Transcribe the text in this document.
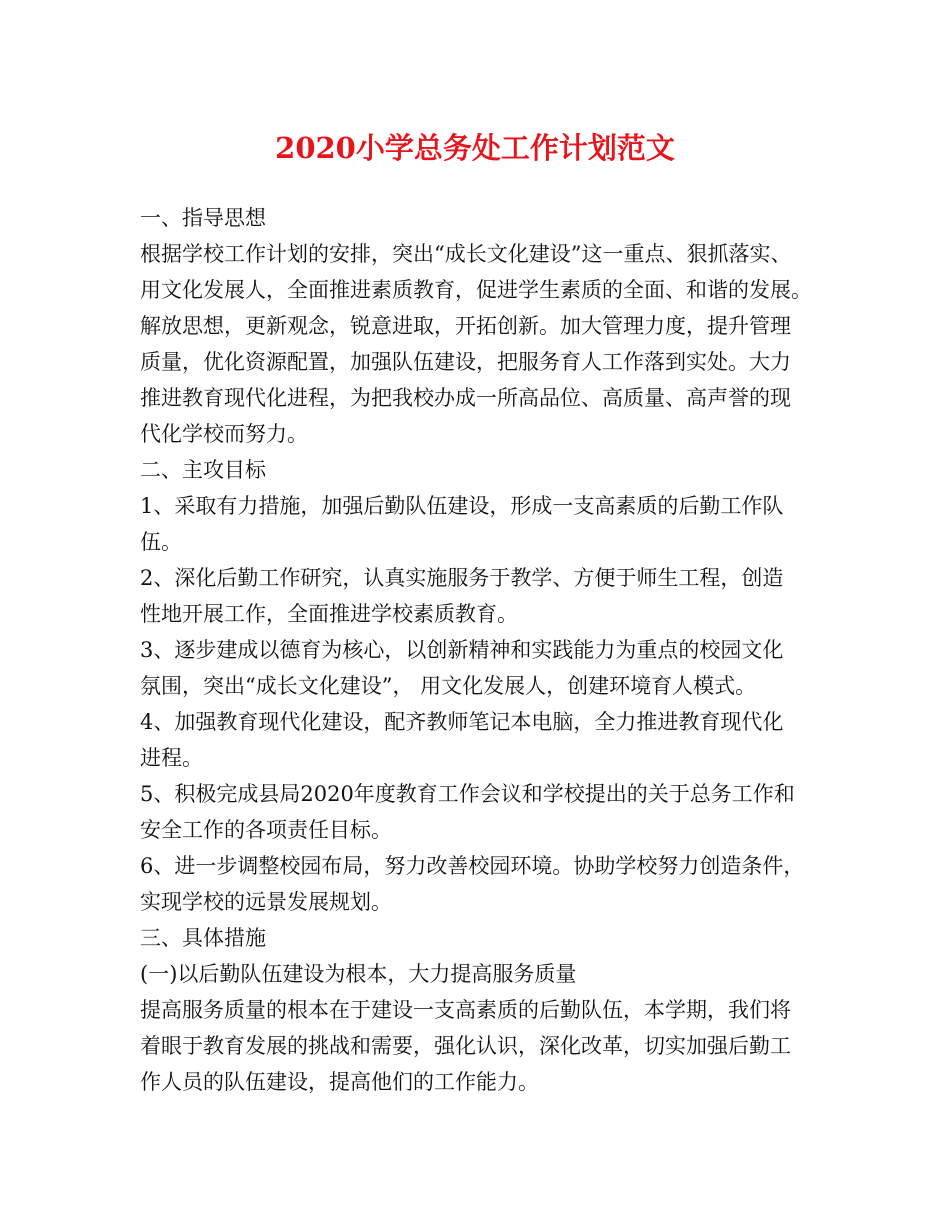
2020小学总务处工作计划范文

一、指导思想

根据学校工作计划的安排，突出“成长文化建设”这一重点、狠抓落实、

用文化发展人，全面推进素质教育，促进学生素质的全面、和谐的发展。

解放思想，更新观念，锐意进取，开拓创新。加大管理力度，提升管理

质量，优化资源配置，加强队伍建设，把服务育人工作落到实处。大力

推进教育现代化进程，为把我校办成一所高品位、高质量、高声誉的现

代化学校而努力。

二、主攻目标

1、采取有力措施，加强后勤队伍建设，形成一支高素质的后勤工作队

伍。

2、深化后勤工作研究，认真实施服务于教学、方便于师生工程，创造

性地开展工作，全面推进学校素质教育。

3、逐步建成以德育为核心，以创新精神和实践能力为重点的校园文化

氛围，突出“成长文化建设”， 用文化发展人，创建环境育人模式。

4、加强教育现代化建设，配齐教师笔记本电脑，全力推进教育现代化

进程。

5、积极完成县局2020年度教育工作会议和学校提出的关于总务工作和

安全工作的各项责任目标。

6、进一步调整校园布局，努力改善校园环境。协助学校努力创造条件，

实现学校的远景发展规划。

三、具体措施

(一)以后勤队伍建设为根本，大力提高服务质量

提高服务质量的根本在于建设一支高素质的后勤队伍，本学期，我们将

着眼于教育发展的挑战和需要，强化认识，深化改革，切实加强后勤工

作人员的队伍建设，提高他们的工作能力。
